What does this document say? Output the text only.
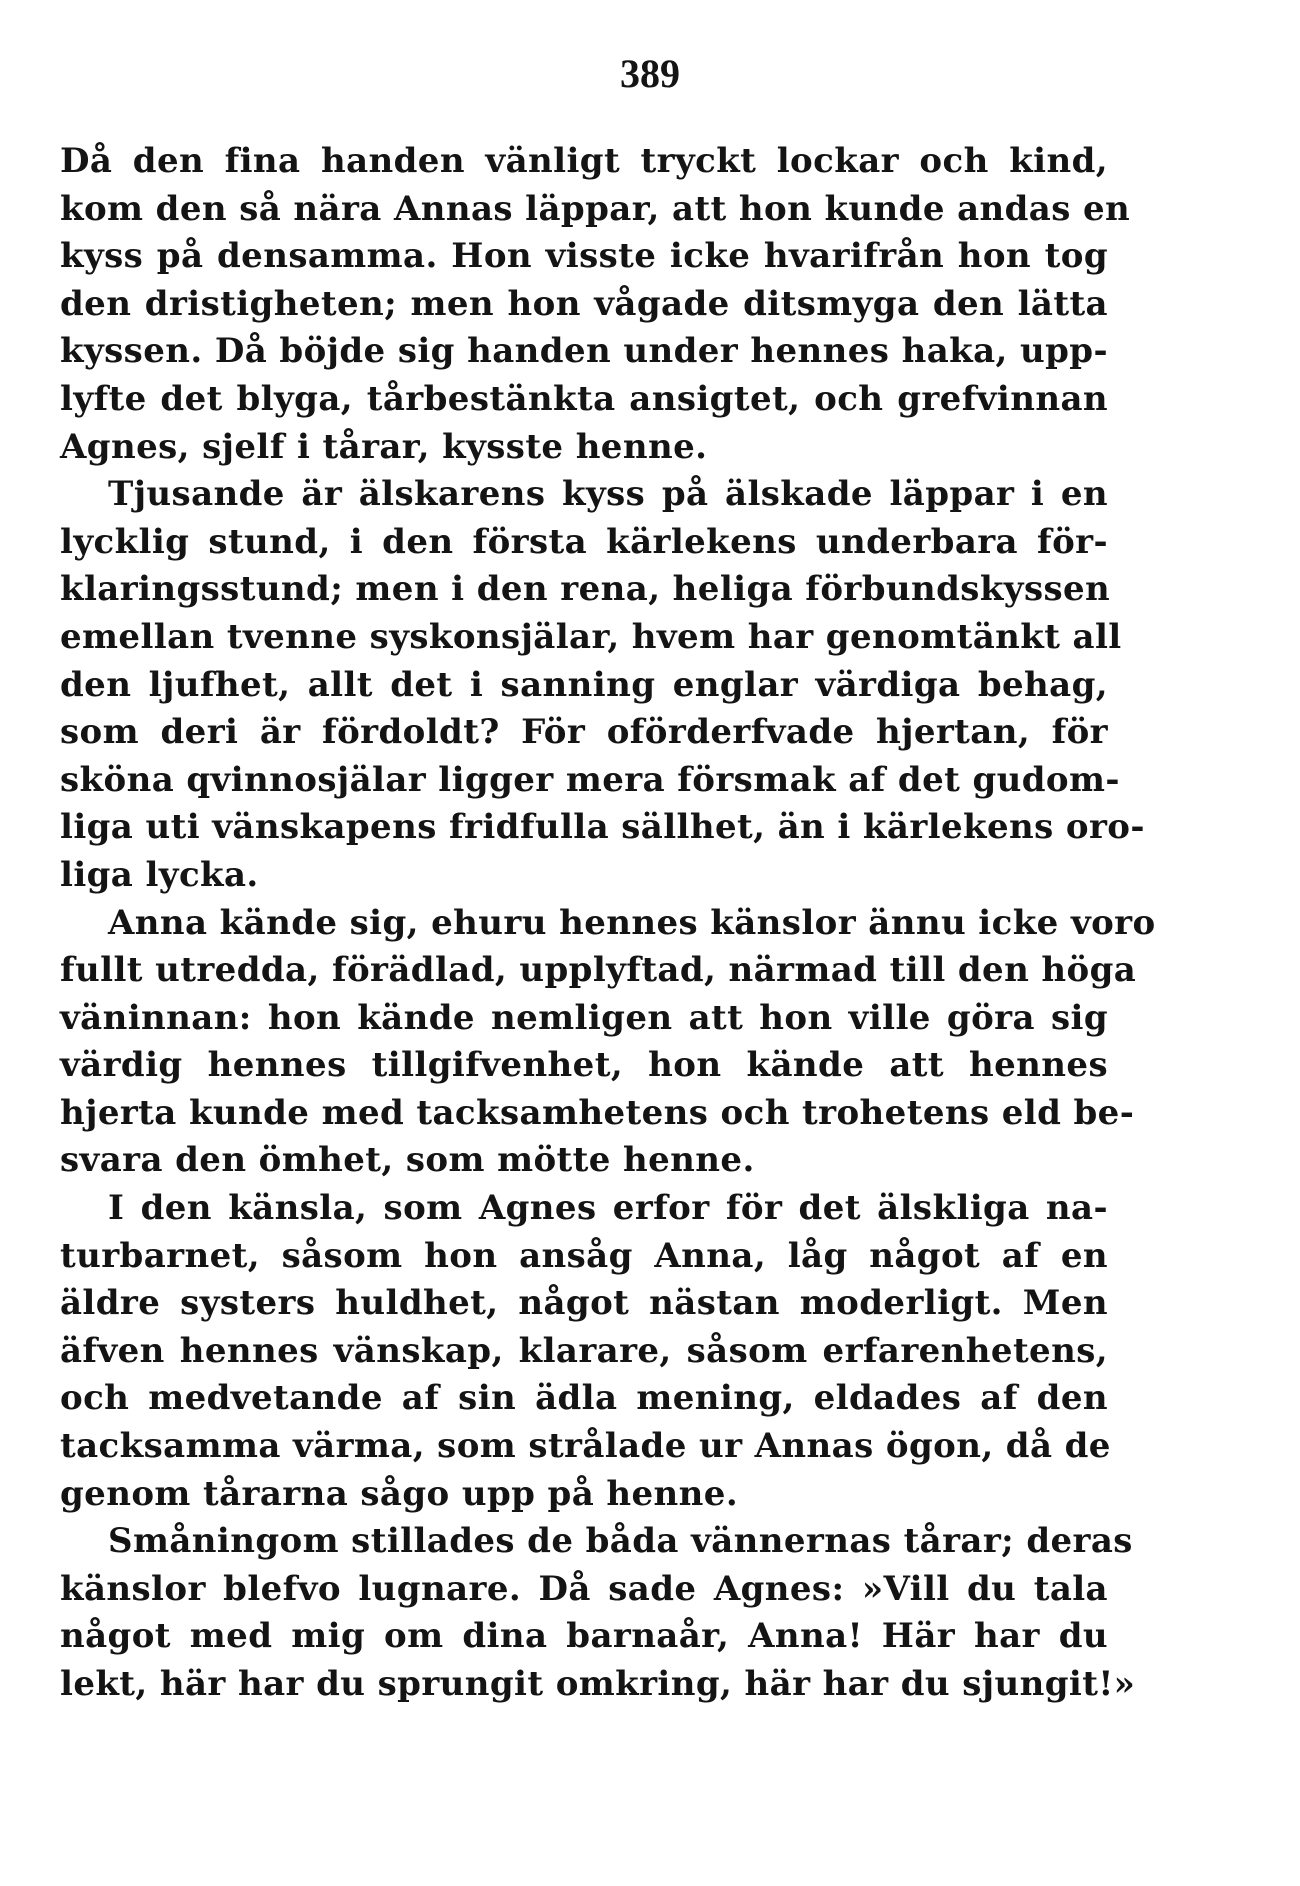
389
Då den fina handen vänligt tryckt lockar och kind,
kom den så nära Annas läppar, att hon kunde andas en
kyss på densamma. Hon visste icke hvarifrån hon tog
den dristigheten; men hon vågade ditsmyga den lätta
kyssen. Då böjde sig handen under hennes haka, upp-
lyfte det blyga, tårbestänkta ansigtet, och grefvinnan
Agnes, sjelf i tårar, kysste henne.
Tjusande är älskarens kyss på älskade läppar i en
lycklig stund, i den första kärlekens underbara för-
klaringsstund; men i den rena, heliga förbundskyssen
emellan tvenne syskonsjälar, hvem har genomtänkt all
den ljufhet, allt det i sanning englar värdiga behag,
som deri är fördoldt? För oförderfvade hjertan, för
sköna qvinnosjälar ligger mera försmak af det gudom-
liga uti vänskapens fridfulla sällhet, än i kärlekens oro-
liga lycka.
Anna kände sig, ehuru hennes känslor ännu icke voro
fullt utredda, förädlad, upplyftad, närmad till den höga
väninnan: hon kände nemligen att hon ville göra sig
värdig hennes tillgifvenhet, hon kände att hennes
hjerta kunde med tacksamhetens och trohetens eld be-
svara den ömhet, som mötte henne.
I den känsla, som Agnes erfor för det älskliga na-
turbarnet, såsom hon ansåg Anna, låg något af en
äldre systers huldhet, något nästan moderligt. Men
äfven hennes vänskap, klarare, såsom erfarenhetens,
och medvetande af sin ädla mening, eldades af den
tacksamma värma, som strålade ur Annas ögon, då de
genom tårarna sågo upp på henne.
Småningom stillades de båda vännernas tårar; deras
känslor blefvo lugnare. Då sade Agnes: »Vill du tala
något med mig om dina barnaår, Anna! Här har du
lekt, här har du sprungit omkring, här har du sjungit!»
